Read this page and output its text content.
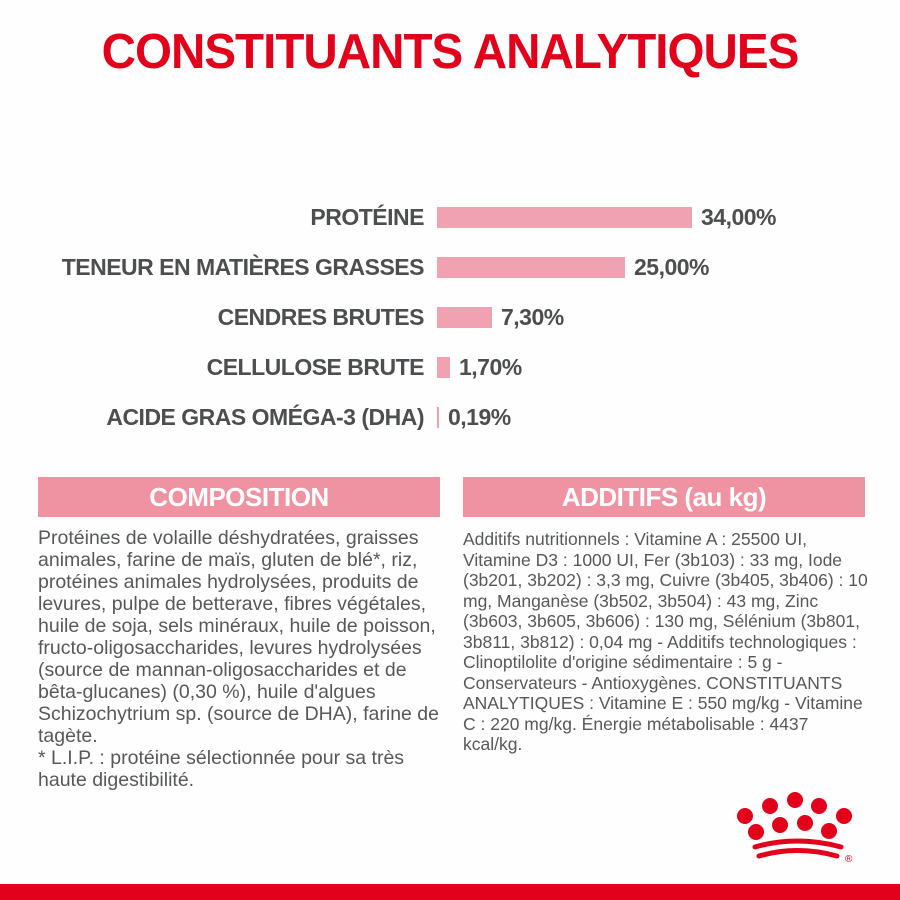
CONSTITUANTS ANALYTIQUES
PROTÉINE	34,00%
TENEUR EN MATIÈRES GRASSES	25,00%
CENDRES BRUTES	7,30%
CELLULOSE BRUTE	1,70%
ACIDE GRAS OMÉGA-3 (DHA)	0,19%
COMPOSITION	ADDITIFS (au kg)
Protéines de volaille déshydratées, graisses animales, farine de maïs, gluten de blé*, riz, protéines animales hydrolysées, produits de levures, pulpe de betterave, fibres végétales, huile de soja, sels minéraux, huile de poisson, fructo-oligosaccharides, levures hydrolysées (source de mannan-oligosaccharides et de bêta-glucanes) (0,30 %), huile d'algues Schizochytrium sp. (source de DHA), farine de tagète.
* L.I.P. : protéine sélectionnée pour sa très haute digestibilité.
Additifs nutritionnels : Vitamine A : 25500 UI, Vitamine D3 : 1000 UI, Fer (3b103) : 33 mg, Iode (3b201, 3b202) : 3,3 mg, Cuivre (3b405, 3b406) : 10 mg, Manganèse (3b502, 3b504) : 43 mg, Zinc (3b603, 3b605, 3b606) : 130 mg, Sélénium (3b801, 3b811, 3b812) : 0,04 mg - Additifs technologiques : Clinoptilolite d'origine sédimentaire : 5 g - Conservateurs - Antioxygènes. CONSTITUANTS ANALYTIQUES : Vitamine E : 550 mg/kg - Vitamine C : 220 mg/kg. Énergie métabolisable : 4437 kcal/kg.
®
